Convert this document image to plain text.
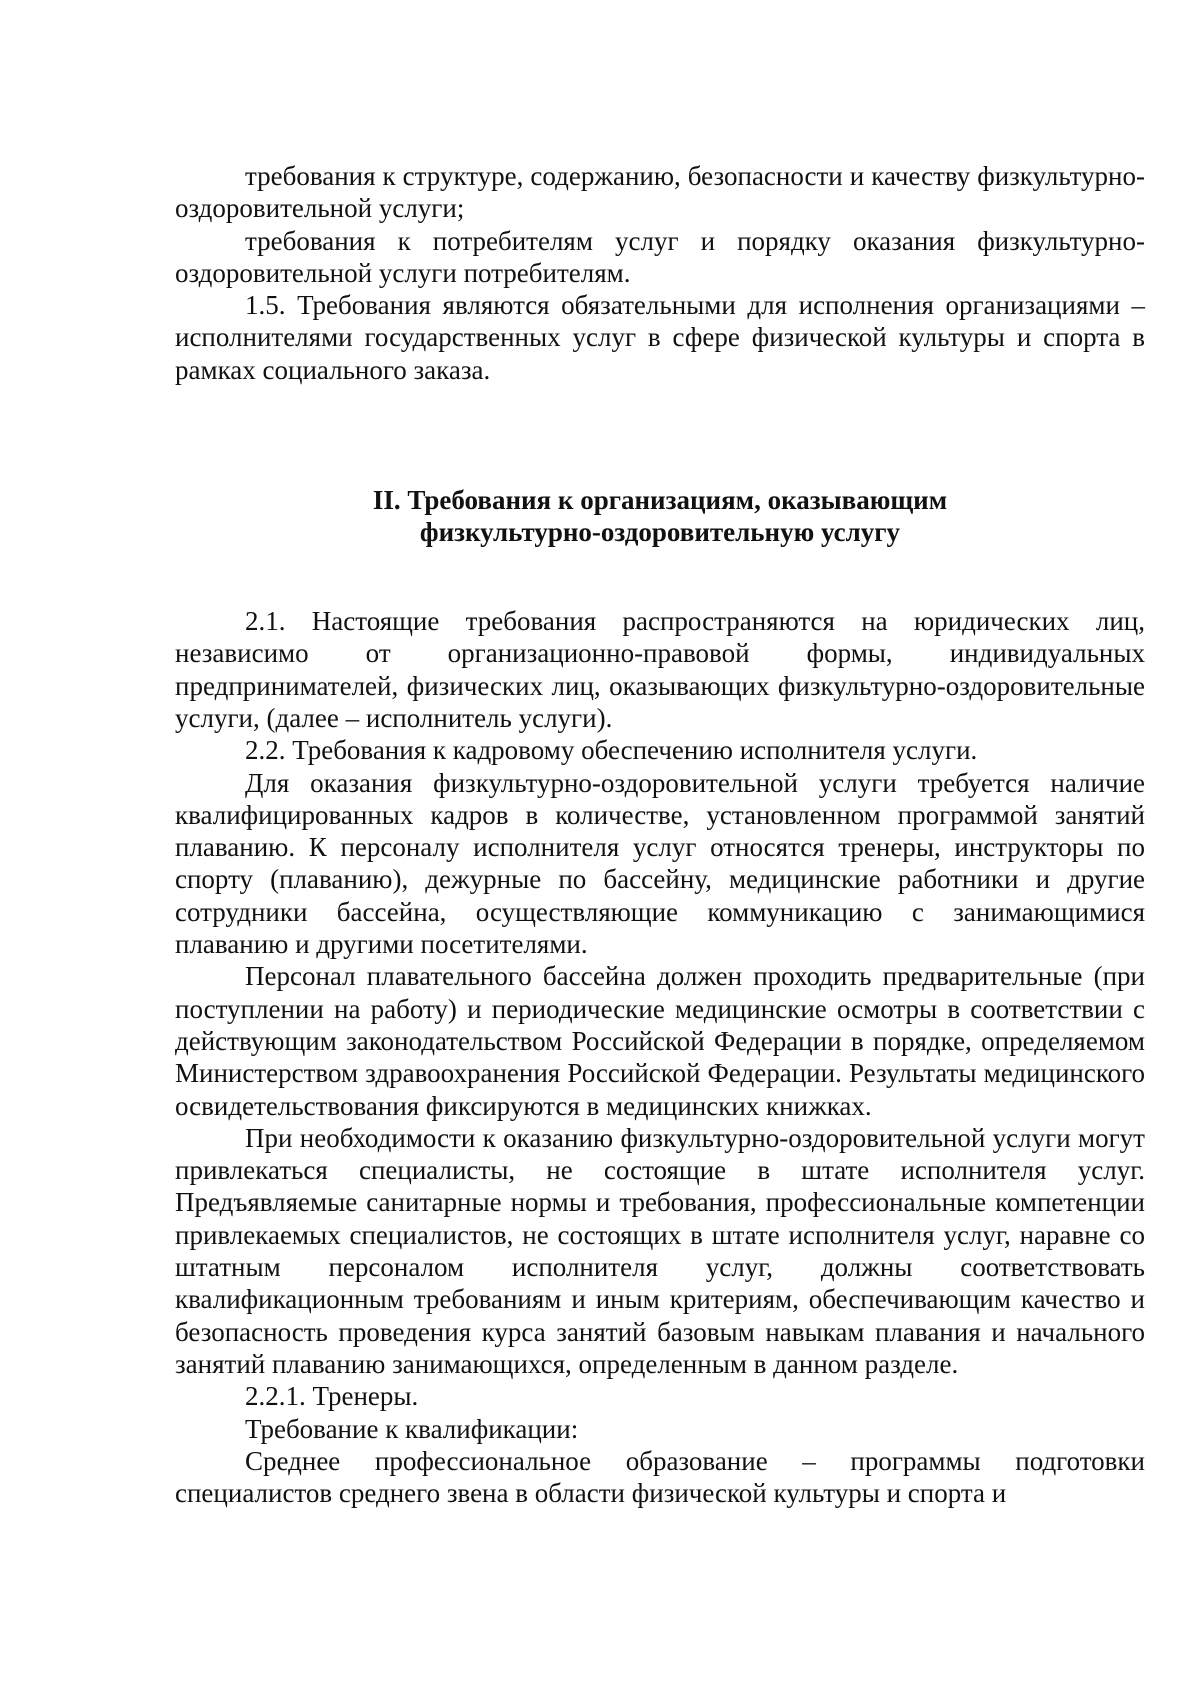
требования к структуре, содержанию, безопасности и качеству физкультурно-оздоровительной услуги;

требования к потребителям услуг и порядку оказания физкультурно-оздоровительной услуги потребителям.

1.5. Требования являются обязательными для исполнения организациями – исполнителями государственных услуг в сфере физической культуры и спорта в рамках социального заказа.

II. Требования к организациям, оказывающим
физкультурно-оздоровительную услугу

2.1. Настоящие требования распространяются на юридических лиц, независимо от организационно-правовой формы, индивидуальных предпринимателей, физических лиц, оказывающих физкультурно-оздоровительные услуги, (далее – исполнитель услуги).

2.2. Требования к кадровому обеспечению исполнителя услуги.

Для оказания физкультурно-оздоровительной услуги требуется наличие квалифицированных кадров в количестве, установленном программой занятий плаванию. К персоналу исполнителя услуг относятся тренеры, инструкторы по спорту (плаванию), дежурные по бассейну, медицинские работники и другие сотрудники бассейна, осуществляющие коммуникацию с занимающимися плаванию и другими посетителями.

Персонал плавательного бассейна должен проходить предварительные (при поступлении на работу) и периодические медицинские осмотры в соответствии с действующим законодательством Российской Федерации в порядке, определяемом Министерством здравоохранения Российской Федерации. Результаты медицинского освидетельствования фиксируются в медицинских книжках.

При необходимости к оказанию физкультурно-оздоровительной услуги могут привлекаться специалисты, не состоящие в штате исполнителя услуг. Предъявляемые санитарные нормы и требования, профессиональные компетенции привлекаемых специалистов, не состоящих в штате исполнителя услуг, наравне со штатным персоналом исполнителя услуг, должны соответствовать квалификационным требованиям и иным критериям, обеспечивающим качество и безопасность проведения курса занятий базовым навыкам плавания и начального занятий плаванию занимающихся, определенным в данном разделе.

2.2.1. Тренеры.

Требование к квалификации:

Среднее профессиональное образование – программы подготовки специалистов среднего звена в области физической культуры и спорта и
